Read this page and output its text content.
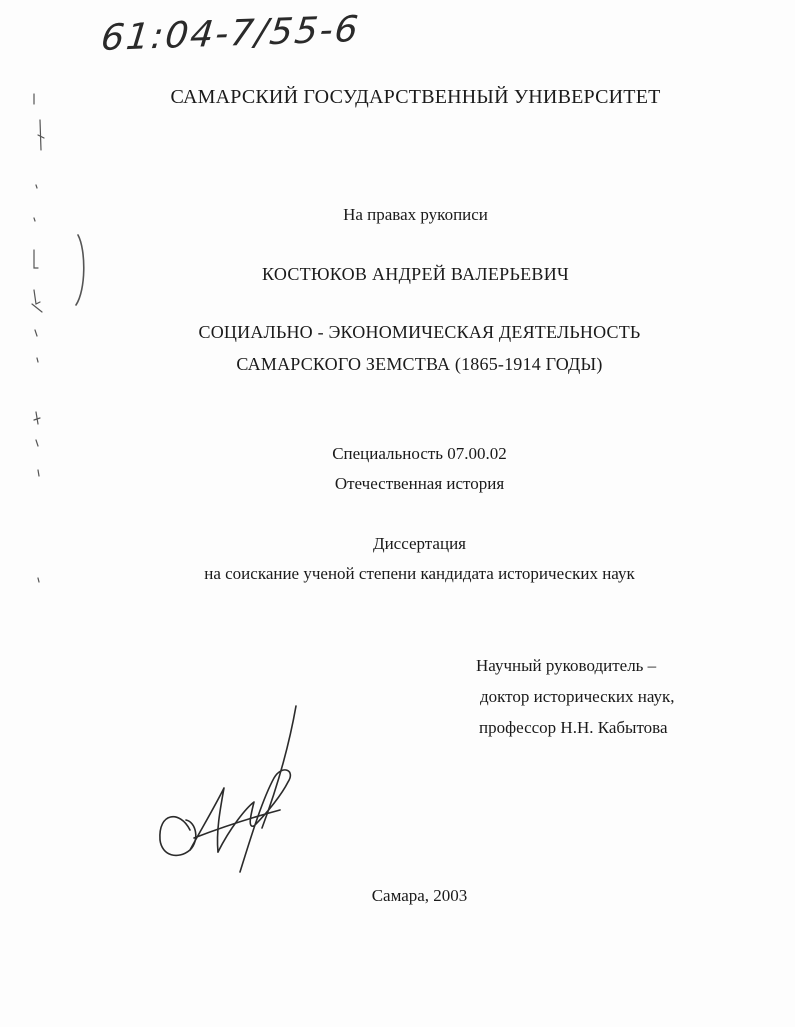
61:04-7/55-6
САМАРСКИЙ ГОСУДАРСТВЕННЫЙ УНИВЕРСИТЕТ
На правах рукописи
КОСТЮКОВ АНДРЕЙ ВАЛЕРЬЕВИЧ
СОЦИАЛЬНО - ЭКОНОМИЧЕСКАЯ ДЕЯТЕЛЬНОСТЬ
САМАРСКОГО ЗЕМСТВА (1865-1914 ГОДЫ)
Специальность 07.00.02
Отечественная история
Диссертация
на соискание ученой степени кандидата исторических наук
Научный руководитель –
доктор исторических наук,
профессор Н.Н. Кабытова
Самара, 2003
